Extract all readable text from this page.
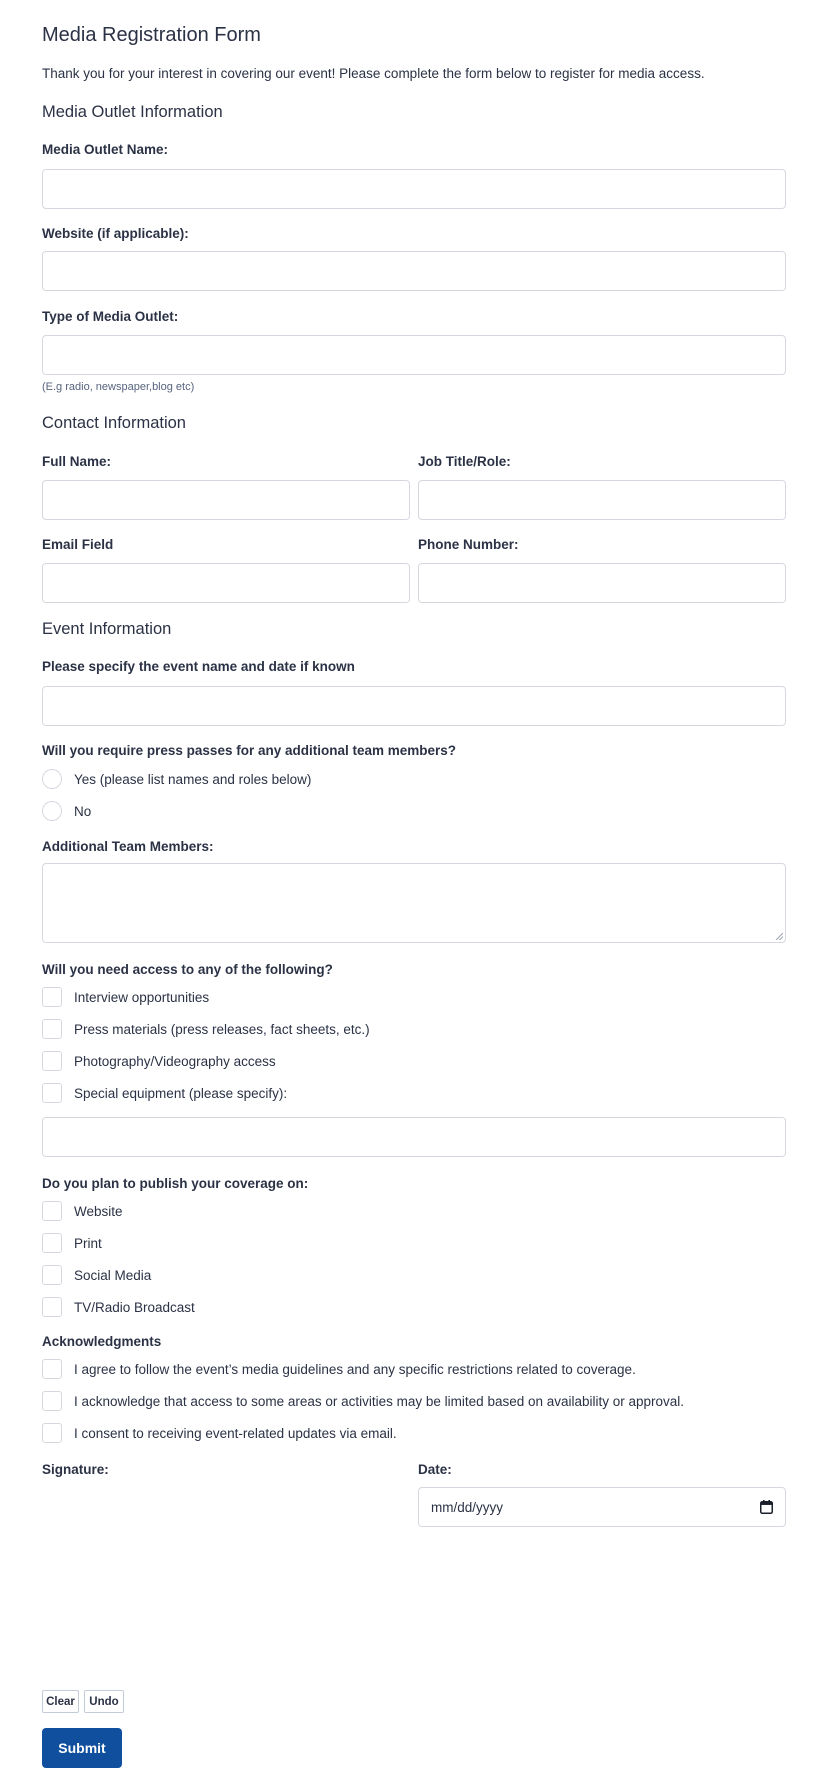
Media Registration Form

Thank you for your interest in covering our event! Please complete the form below to register for media access.

Media Outlet Information
Media Outlet Name:
Website (if applicable):
Type of Media Outlet:

(E.g radio, newspaper,blog etc)

Contact Information
Full Name:	Job Title/Role:
Email Field	Phone Number:
Event Information
Please specify the event name and date if known
Will you require press passes for any additional team members?
Yes (please list names and roles below)
No
Additional Team Members:
Will you need access to any of the following?
Interview opportunities
Press materials (press releases, fact sheets, etc.)
Photography/Videography access
Special equipment (please specify):
Do you plan to publish your coverage on:
Website
Print
Social Media
TV/Radio Broadcast
Acknowledgments
I agree to follow the event’s media guidelines and any specific restrictions related to coverage.
I acknowledge that access to some areas or activities may be limited based on availability or approval.
I consent to receiving event-related updates via email.
Signature:	Date:
mm/dd/yyyy
Clear	Undo
Submit
